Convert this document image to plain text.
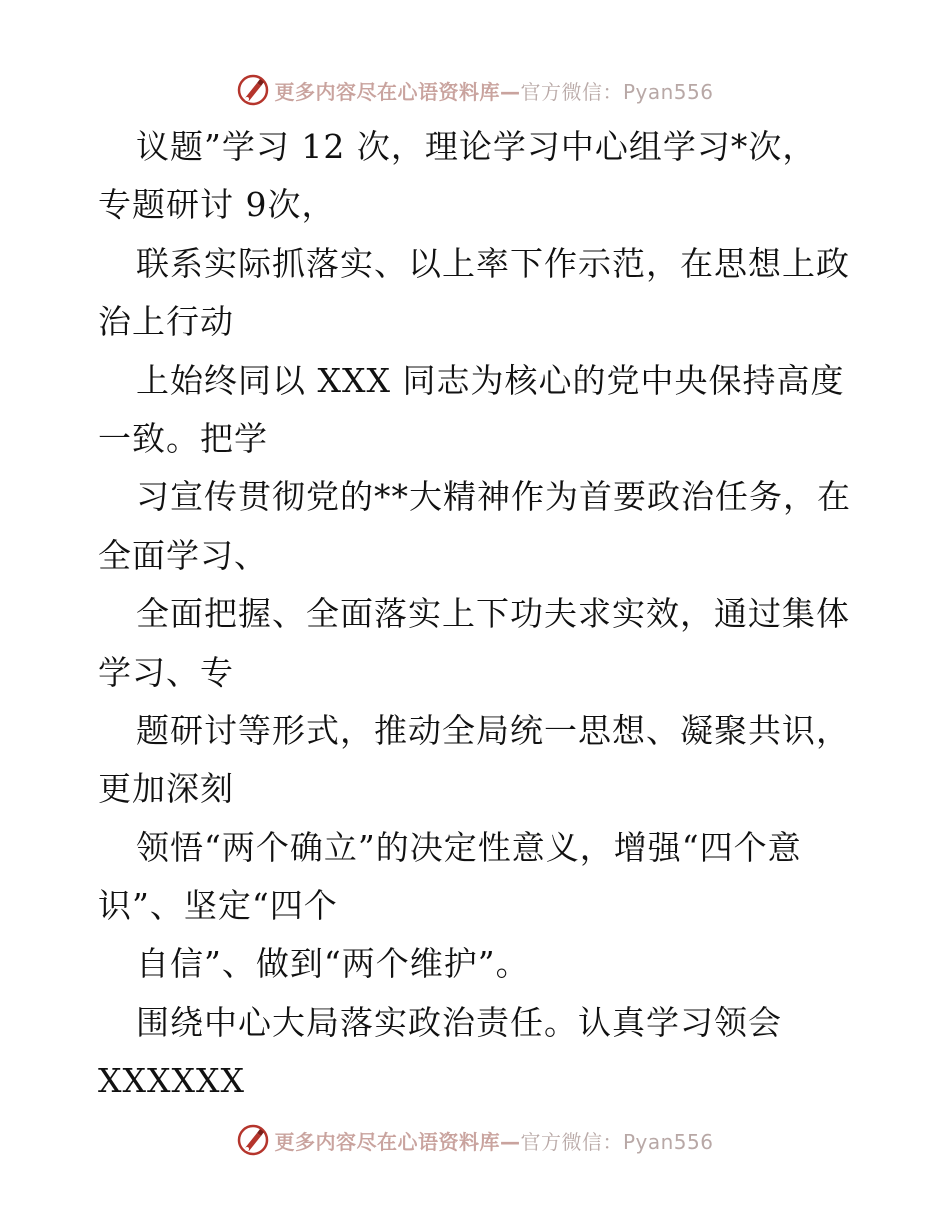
更多内容尽在心语资料库—官方微信：Pyan556
议题”学习 12 次，理论学习中心组学习*次，
专题研讨 9次，
联系实际抓落实、以上率下作示范，在思想上政
治上行动
上始终同以 XXX 同志为核心的党中央保持高度
一致。把学
习宣传贯彻党的**大精神作为首要政治任务，在
全面学习、
全面把握、全面落实上下功夫求实效，通过集体
学习、专
题研讨等形式，推动全局统一思想、凝聚共识，
更加深刻
领悟“两个确立”的决定性意义，增强“四个意
识”、坚定“四个
自信”、做到“两个维护”。
围绕中心大局落实政治责任。认真学习领会
XXXXXX
更多内容尽在心语资料库—官方微信：Pyan556
